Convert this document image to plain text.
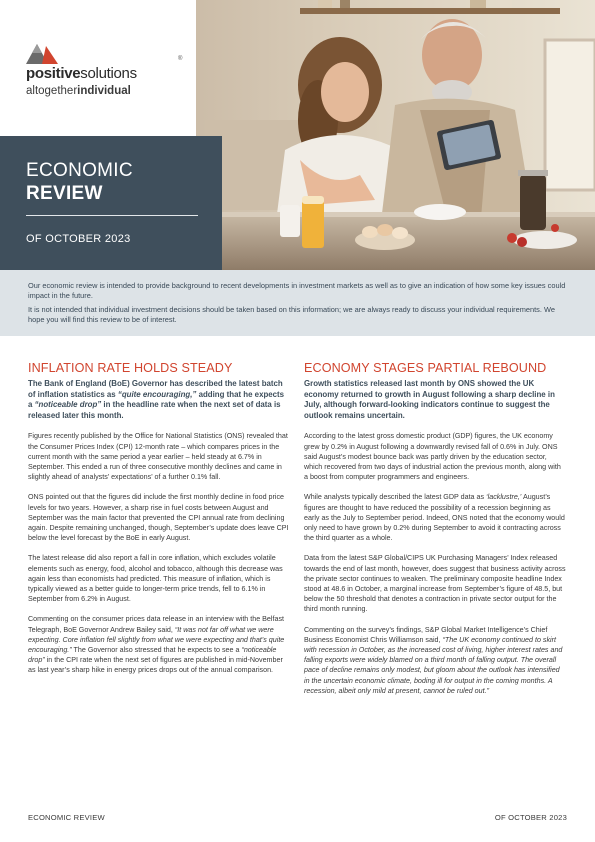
positivesolutions
®
altogetherindividual
ECONOMIC
REVIEW
OF OCTOBER 2023

Our economic review is intended to provide background to recent developments in investment markets as well as to give an indication of how some key issues could impact in the future.

It is not intended that individual investment decisions should be taken based on this information; we are always ready to discuss your individual requirements. We hope you will find this review to be of interest.

INFLATION RATE HOLDS STEADY

The Bank of England (BoE) Governor has described the latest batch of inflation statistics as “quite encouraging,” adding that he expects a “noticeable drop” in the headline rate when the next set of data is released later this month.

Figures recently published by the Office for National Statistics (ONS) revealed that the Consumer Prices Index (CPI) 12-month rate – which compares prices in the current month with the same period a year earlier – held steady at 6.7% in September. This ended a run of three consecutive monthly declines and came in slightly ahead of analysts’ expectations’ of a further 0.1% fall.

ONS pointed out that the figures did include the first monthly decline in food price levels for two years. However, a sharp rise in fuel costs between August and September was the main factor that prevented the CPI annual rate from declining again. Despite remaining unchanged, though, September’s update does leave CPI below the level forecast by the BoE in early August.

The latest release did also report a fall in core inflation, which excludes volatile elements such as energy, food, alcohol and tobacco, although this decrease was again less than economists had predicted. This measure of inflation, which is typically viewed as a better guide to longer-term price trends, fell to 6.1% in September from 6.2% in August.

Commenting on the consumer prices data release in an interview with the Belfast Telegraph, BoE Governor Andrew Bailey said, “It was not far off what we were expecting. Core inflation fell slightly from what we were expecting and that’s quite encouraging.” The Governor also stressed that he expects to see a “noticeable drop” in the CPI rate when the next set of figures are published in mid-November as last year’s sharp hike in energy prices drops out of the annual comparison.

ECONOMY STAGES PARTIAL REBOUND

Growth statistics released last month by ONS showed the UK economy returned to growth in August following a sharp decline in July, although forward-looking indicators continue to suggest the outlook remains uncertain.

According to the latest gross domestic product (GDP) figures, the UK economy grew by 0.2% in August following a downwardly revised fall of 0.6% in July. ONS said August’s modest bounce back was partly driven by the education sector, which recovered from two days of industrial action the previous month, along with a boost from computer programmers and engineers.

While analysts typically described the latest GDP data as ‘lacklustre,’ August’s figures are thought to have reduced the possibility of a recession beginning as early as the July to September period. Indeed, ONS noted that the economy would only need to have grown by 0.2% during September to avoid it contracting across the third quarter as a whole.

Data from the latest S&P Global/CIPS UK Purchasing Managers’ Index released towards the end of last month, however, does suggest that business activity across the private sector continues to weaken. The preliminary composite headline Index stood at 48.6 in October, a marginal increase from September’s figure of 48.5, but below the 50 threshold that denotes a contraction in private sector output for the third month running.

Commenting on the survey’s findings, S&P Global Market Intelligence’s Chief Business Economist Chris Williamson said, “The UK economy continued to skirt with recession in October, as the increased cost of living, higher interest rates and falling exports were widely blamed on a third month of falling output. The overall pace of decline remains only modest, but gloom about the outlook has intensified in the uncertain economic climate, boding ill for output in the coming months. A recession, albeit only mild at present, cannot be ruled out.”

ECONOMIC REVIEW	OF OCTOBER 2023
